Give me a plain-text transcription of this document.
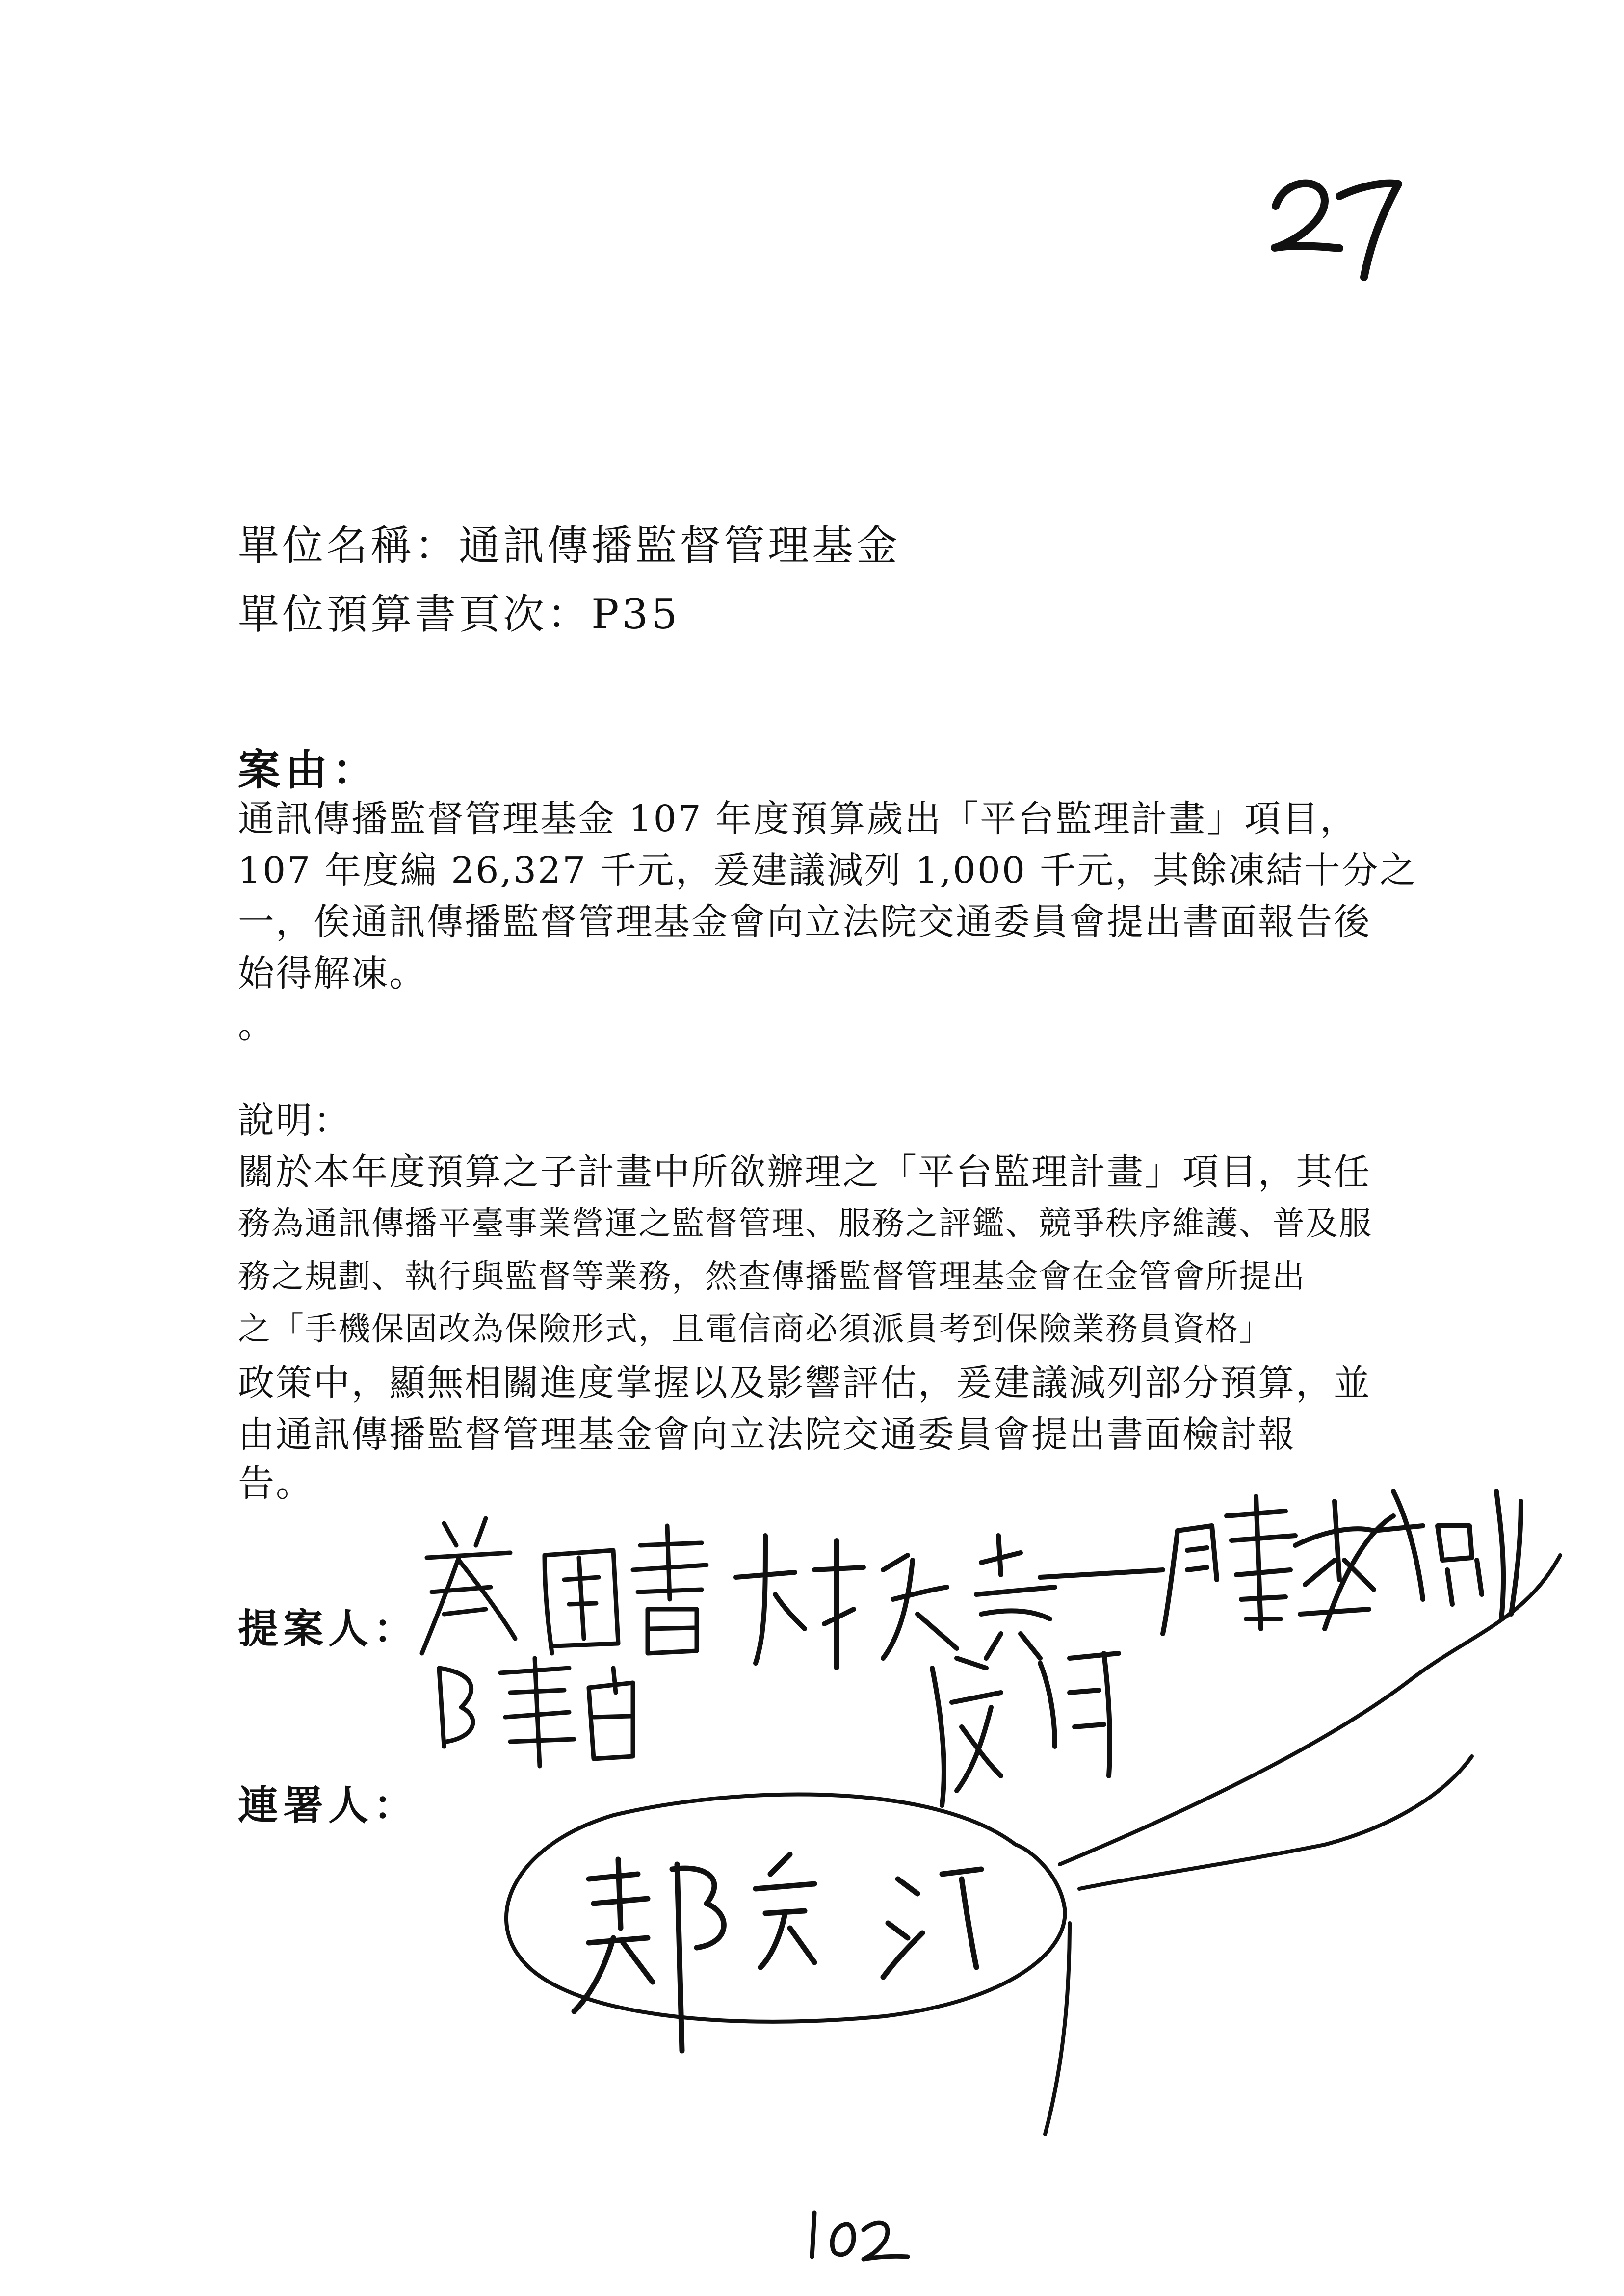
單位名稱：通訊傳播監督管理基金
單位預算書頁次：P35
案由：
通訊傳播監督管理基金 107 年度預算歲出「平台監理計畫」項目，
107 年度編 26,327 千元，爰建議減列 1,000 千元，其餘凍結十分之
一，俟通訊傳播監督管理基金會向立法院交通委員會提出書面報告後
始得解凍。
。
說明：
關於本年度預算之子計畫中所欲辦理之「平台監理計畫」項目，其任
務為通訊傳播平臺事業營運之監督管理、服務之評鑑、競爭秩序維護、普及服
務之規劃、執行與監督等業務，然查傳播監督管理基金會在金管會所提出
之「手機保固改為保險形式，且電信商必須派員考到保險業務員資格」
政策中，顯無相關進度掌握以及影響評估，爰建議減列部分預算，並
由通訊傳播監督管理基金會向立法院交通委員會提出書面檢討報
告。
提案人：
連署人：
